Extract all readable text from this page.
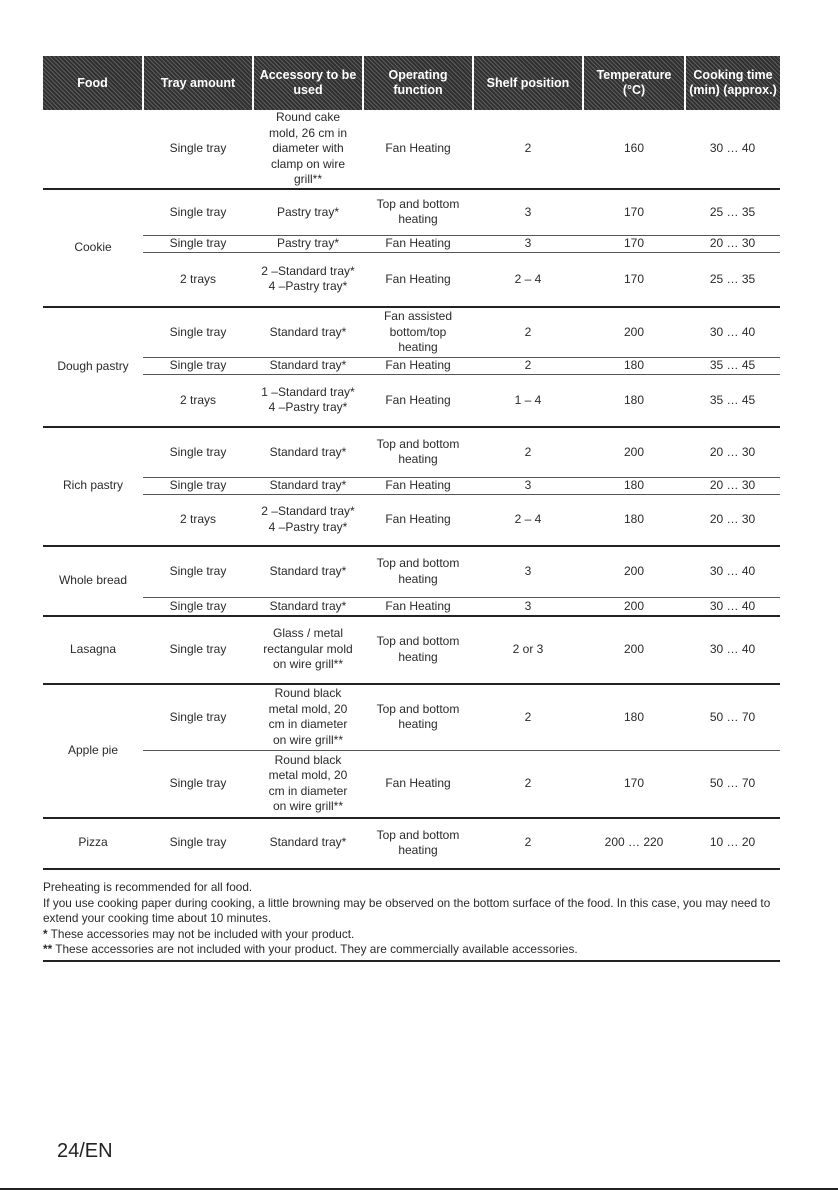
Food	Tray amount	Accessory to be used	Operating function	Shelf position	Temperature (°C)	Cooking time (min) (approx.)
	Single tray	Round cake mold, 26 cm in diameter with clamp on wire grill**	Fan Heating	2	160	30 … 40
Cookie	Single tray	Pastry tray*	Top and bottom heating	3	170	25 … 35
	Single tray	Pastry tray*	Fan Heating	3	170	20 … 30
	2 trays	2 –Standard tray* 4 –Pastry tray*	Fan Heating	2 – 4	170	25 … 35
Dough pastry	Single tray	Standard tray*	Fan assisted bottom/top heating	2	200	30 … 40
	Single tray	Standard tray*	Fan Heating	2	180	35 … 45
	2 trays	1 –Standard tray* 4 –Pastry tray*	Fan Heating	1 – 4	180	35 … 45
Rich pastry	Single tray	Standard tray*	Top and bottom heating	2	200	20 … 30
	Single tray	Standard tray*	Fan Heating	3	180	20 … 30
	2 trays	2 –Standard tray* 4 –Pastry tray*	Fan Heating	2 – 4	180	20 … 30
Whole bread	Single tray	Standard tray*	Top and bottom heating	3	200	30 … 40
	Single tray	Standard tray*	Fan Heating	3	200	30 … 40
Lasagna	Single tray	Glass / metal rectangular mold on wire grill**	Top and bottom heating	2 or 3	200	30 … 40
Apple pie	Single tray	Round black metal mold, 20 cm in diameter on wire grill**	Top and bottom heating	2	180	50 … 70
	Single tray	Round black metal mold, 20 cm in diameter on wire grill**	Fan Heating	2	170	50 … 70
Pizza	Single tray	Standard tray*	Top and bottom heating	2	200 … 220	10 … 20

Preheating is recommended for all food.

If you use cooking paper during cooking, a little browning may be observed on the bottom surface of the food. In this case, you may need to extend your cooking time about 10 minutes.

* These accessories may not be included with your product.

** These accessories are not included with your product. They are commercially available accessories.

24/EN
